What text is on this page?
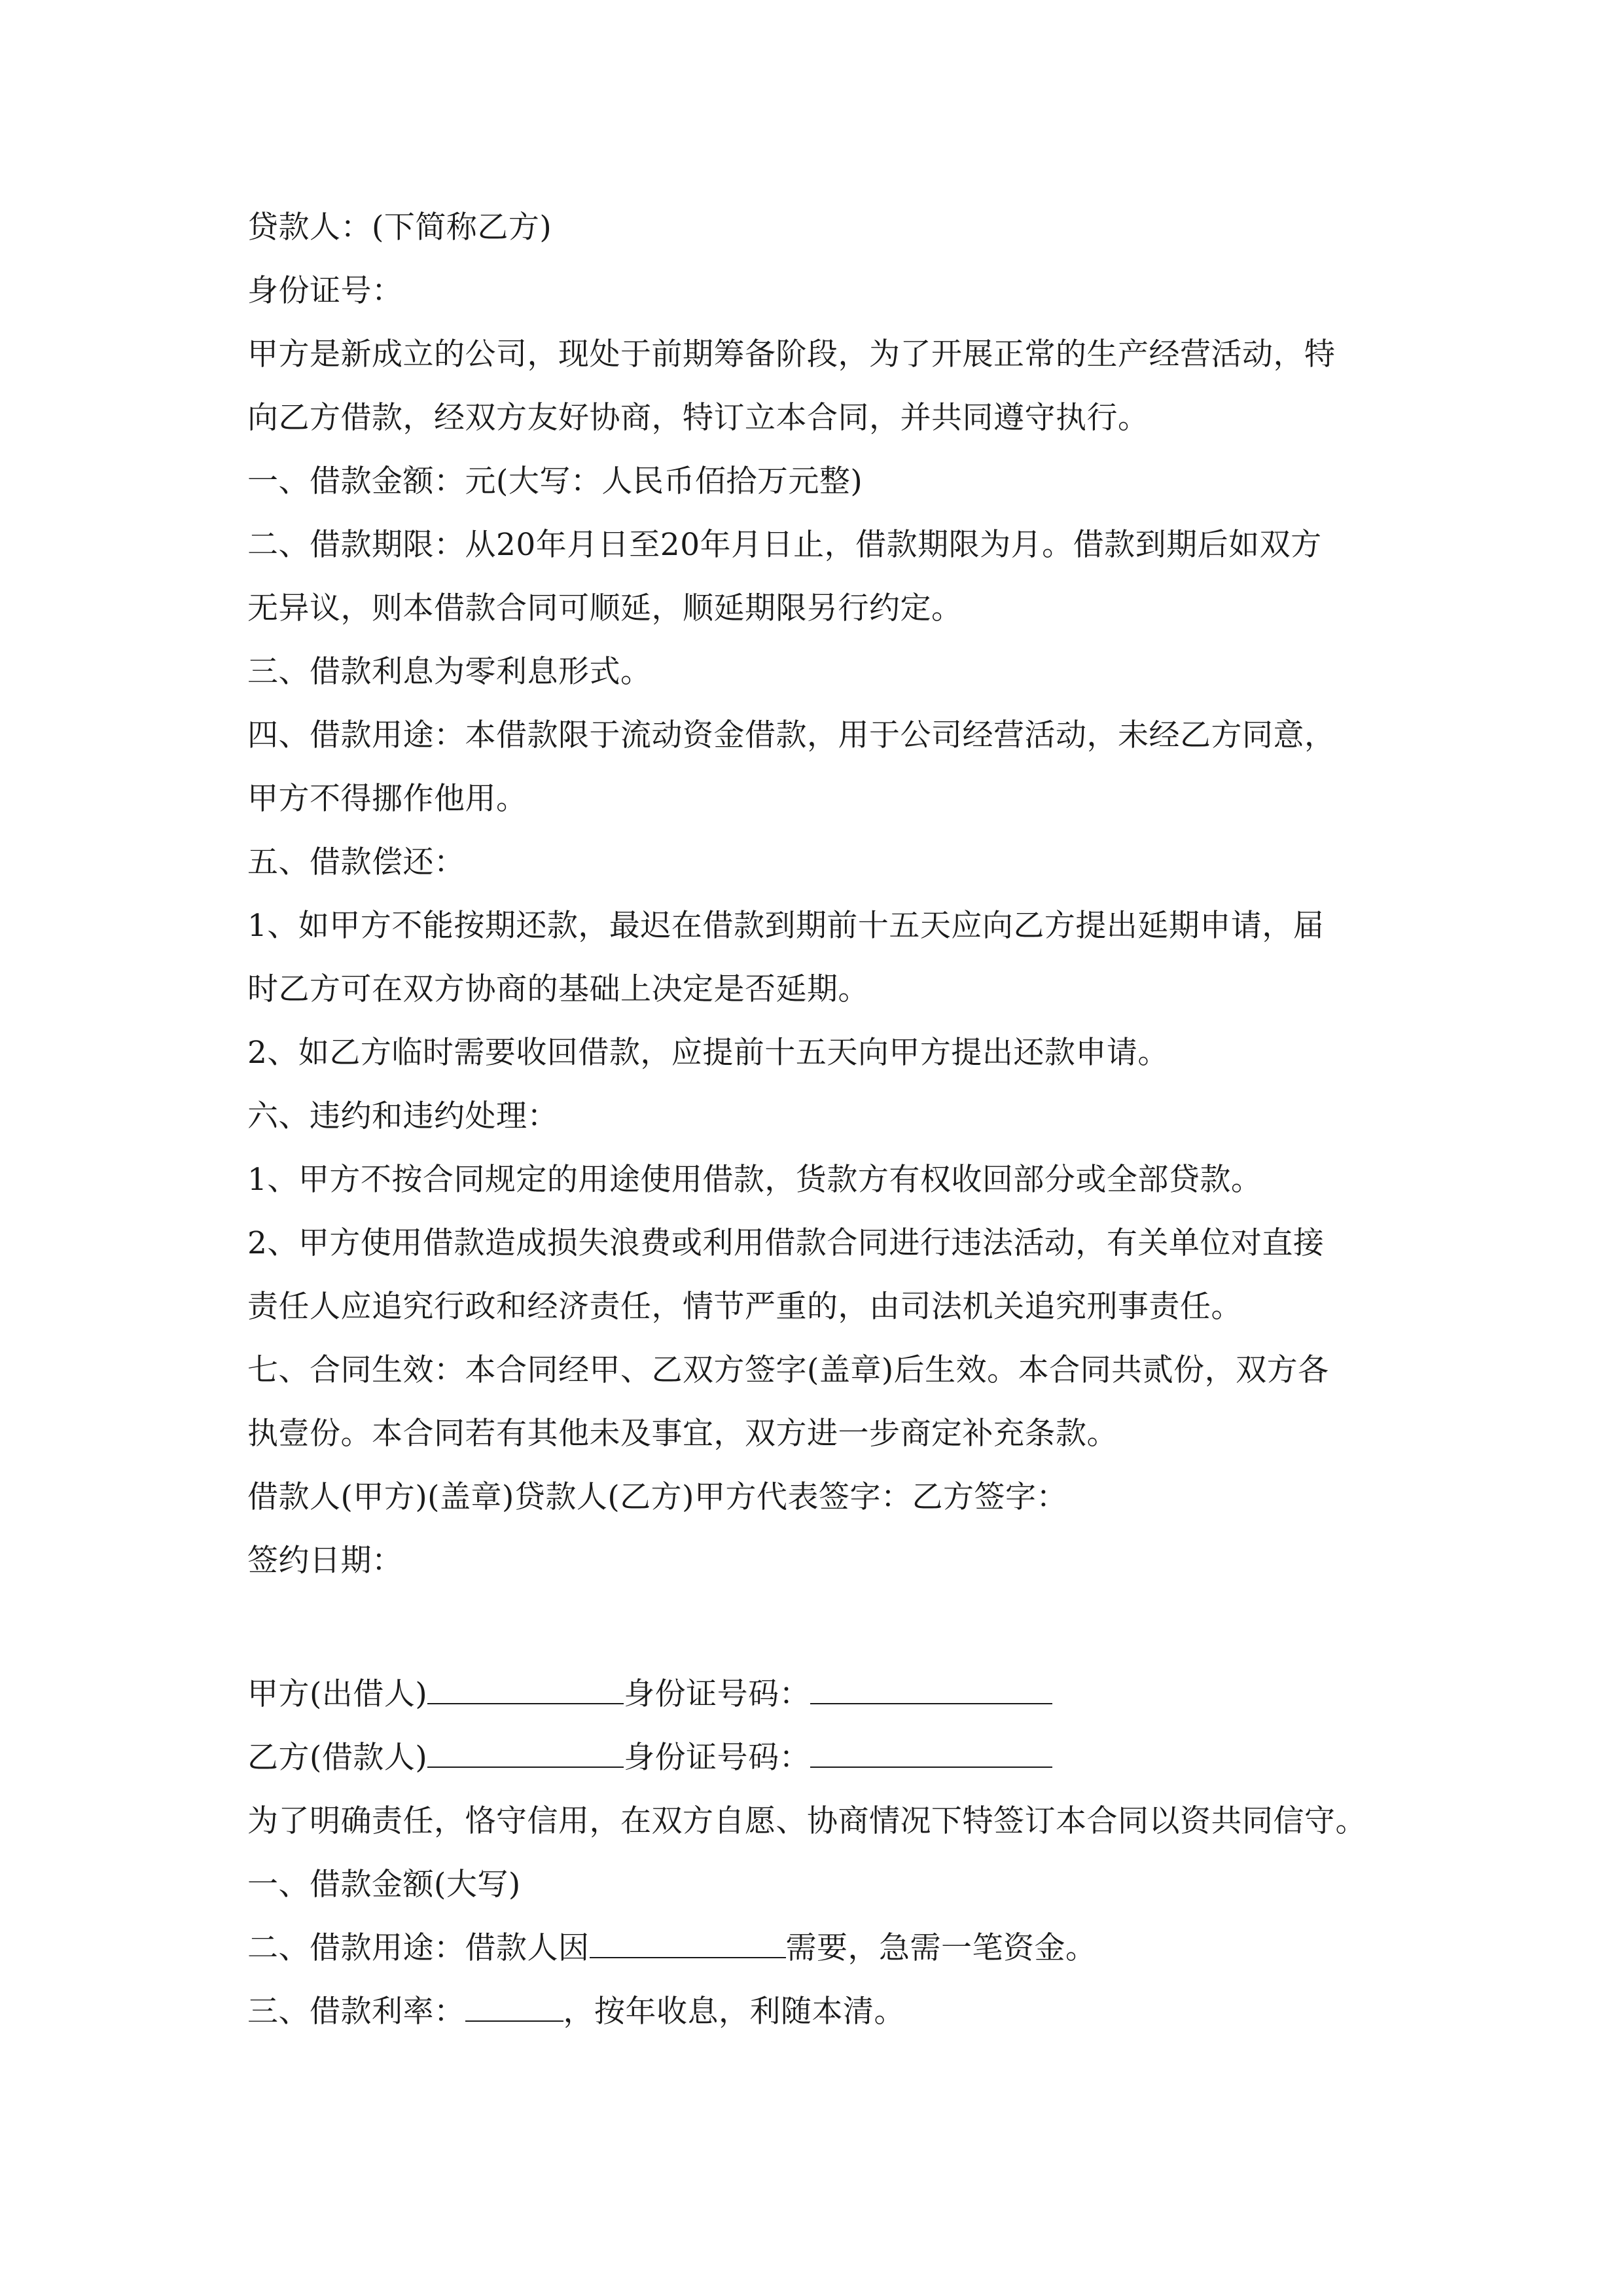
贷款人：(下简称乙方)
身份证号：
甲方是新成立的公司，现处于前期筹备阶段，为了开展正常的生产经营活动，特
向乙方借款，经双方友好协商，特订立本合同，并共同遵守执行。
一、借款金额：元(大写：人民币佰拾万元整)
二、借款期限：从20年月日至20年月日止，借款期限为月。借款到期后如双方
无异议，则本借款合同可顺延，顺延期限另行约定。
三、借款利息为零利息形式。
四、借款用途：本借款限于流动资金借款，用于公司经营活动，未经乙方同意，
甲方不得挪作他用。
五、借款偿还：
1、如甲方不能按期还款，最迟在借款到期前十五天应向乙方提出延期申请，届
时乙方可在双方协商的基础上决定是否延期。
2、如乙方临时需要收回借款，应提前十五天向甲方提出还款申请。
六、违约和违约处理：
1、甲方不按合同规定的用途使用借款，货款方有权收回部分或全部贷款。
2、甲方使用借款造成损失浪费或利用借款合同进行违法活动，有关单位对直接
责任人应追究行政和经济责任，情节严重的，由司法机关追究刑事责任。
七、合同生效：本合同经甲、乙双方签字(盖章)后生效。本合同共贰份，双方各
执壹份。本合同若有其他未及事宜，双方进一步商定补充条款。
借款人(甲方)(盖章)贷款人(乙方)甲方代表签字：乙方签字：
签约日期：
甲方(出借人)	身份证号码：
乙方(借款人)	身份证号码：
为了明确责任，恪守信用，在双方自愿、协商情况下特签订本合同以资共同信守。
一、借款金额(大写)
二、借款用途：借款人因	需要，急需一笔资金。
三、借款利率：	，按年收息，利随本清。
